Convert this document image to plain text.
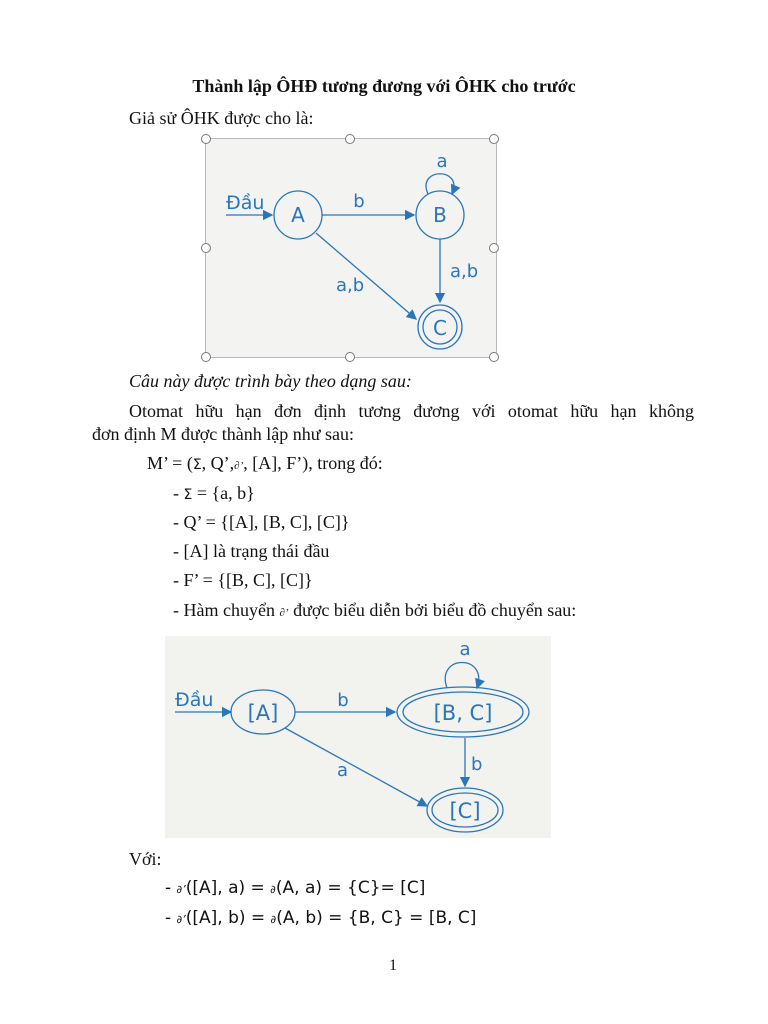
Thành lập ÔHĐ tương đương với ÔHK cho trước
Giả sử ÔHK được cho là:
Đầu A	B
C
b
a
a,b
a,b
Câu này được trình bày theo dạng sau:
Otomat hữu hạn đơn định tương đương với otomat hữu hạn không
đơn định M được thành lập như sau:
M’ = (Σ, Q’,∂’, [A], F’), trong đó:
- Σ = {a, b}
- Q’ = {[A], [B, C], [C]}
- [A] là trạng thái đầu
- F’ = {[B, C], [C]}
- Hàm chuyển ∂’ được biểu diễn bởi biểu đồ chuyển sau:
Đầu
[A]	[B, C]
[C]
b
a
b
a
Với:
- ∂’([A], a) = ∂(A, a) = {C}= [C]
- ∂’([A], b) = ∂(A, b) = {B, C} = [B, C]
1
